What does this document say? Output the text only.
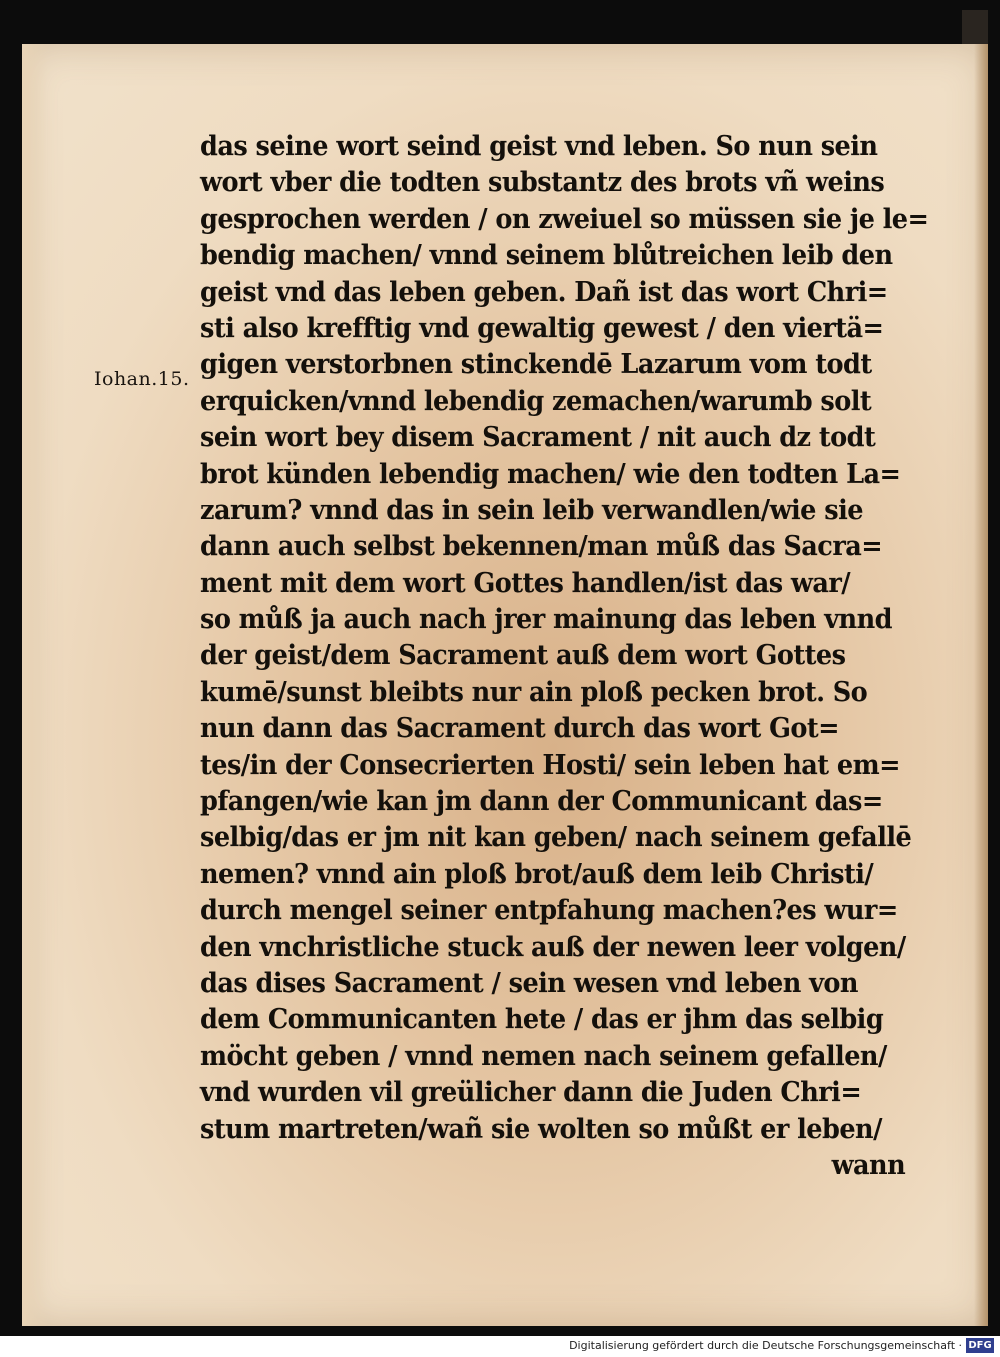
Iohan.15.
das seine wort seind geist vnd leben. So nun sein
wort vber die todten substantz des brots vñ weins
gesprochen werden / on zweiuel so müssen sie je le=
bendig machen/ vnnd seinem blůtreichen leib den
geist vnd das leben geben. Dañ ist das wort Chri=
sti also krefftig vnd gewaltig gewest / den viertä=
gigen verstorbnen stinckendē Lazarum vom todt
erquicken/vnnd lebendig zemachen/warumb solt
sein wort bey disem Sacrament / nit auch dz todt
brot künden lebendig machen/ wie den todten La=
zarum? vnnd das in sein leib verwandlen/wie sie
dann auch selbst bekennen/man můß das Sacra=
ment mit dem wort Gottes handlen/ist das war/
so můß ja auch nach jrer mainung das leben vnnd
der geist/dem Sacrament auß dem wort Gottes
kumē/sunst bleibts nur ain ploß pecken brot. So
nun dann das Sacrament durch das wort Got=
tes/in der Consecrierten Hosti/ sein leben hat em=
pfangen/wie kan jm dann der Communicant das=
selbig/das er jm nit kan geben/ nach seinem gefallē
nemen? vnnd ain ploß brot/auß dem leib Christi/
durch mengel seiner entpfahung machen?es wur=
den vnchristliche stuck auß der newen leer volgen/
das dises Sacrament / sein wesen vnd leben von
dem Communicanten hete / das er jhm das selbig
möcht geben / vnnd nemen nach seinem gefallen/
vnd wurden vil greülicher dann die Juden Chri=
stum martreten/wañ sie wolten so můßt er leben/
wann
Digitalisierung gefördert durch die Deutsche Forschungsgemeinschaft · DFG
